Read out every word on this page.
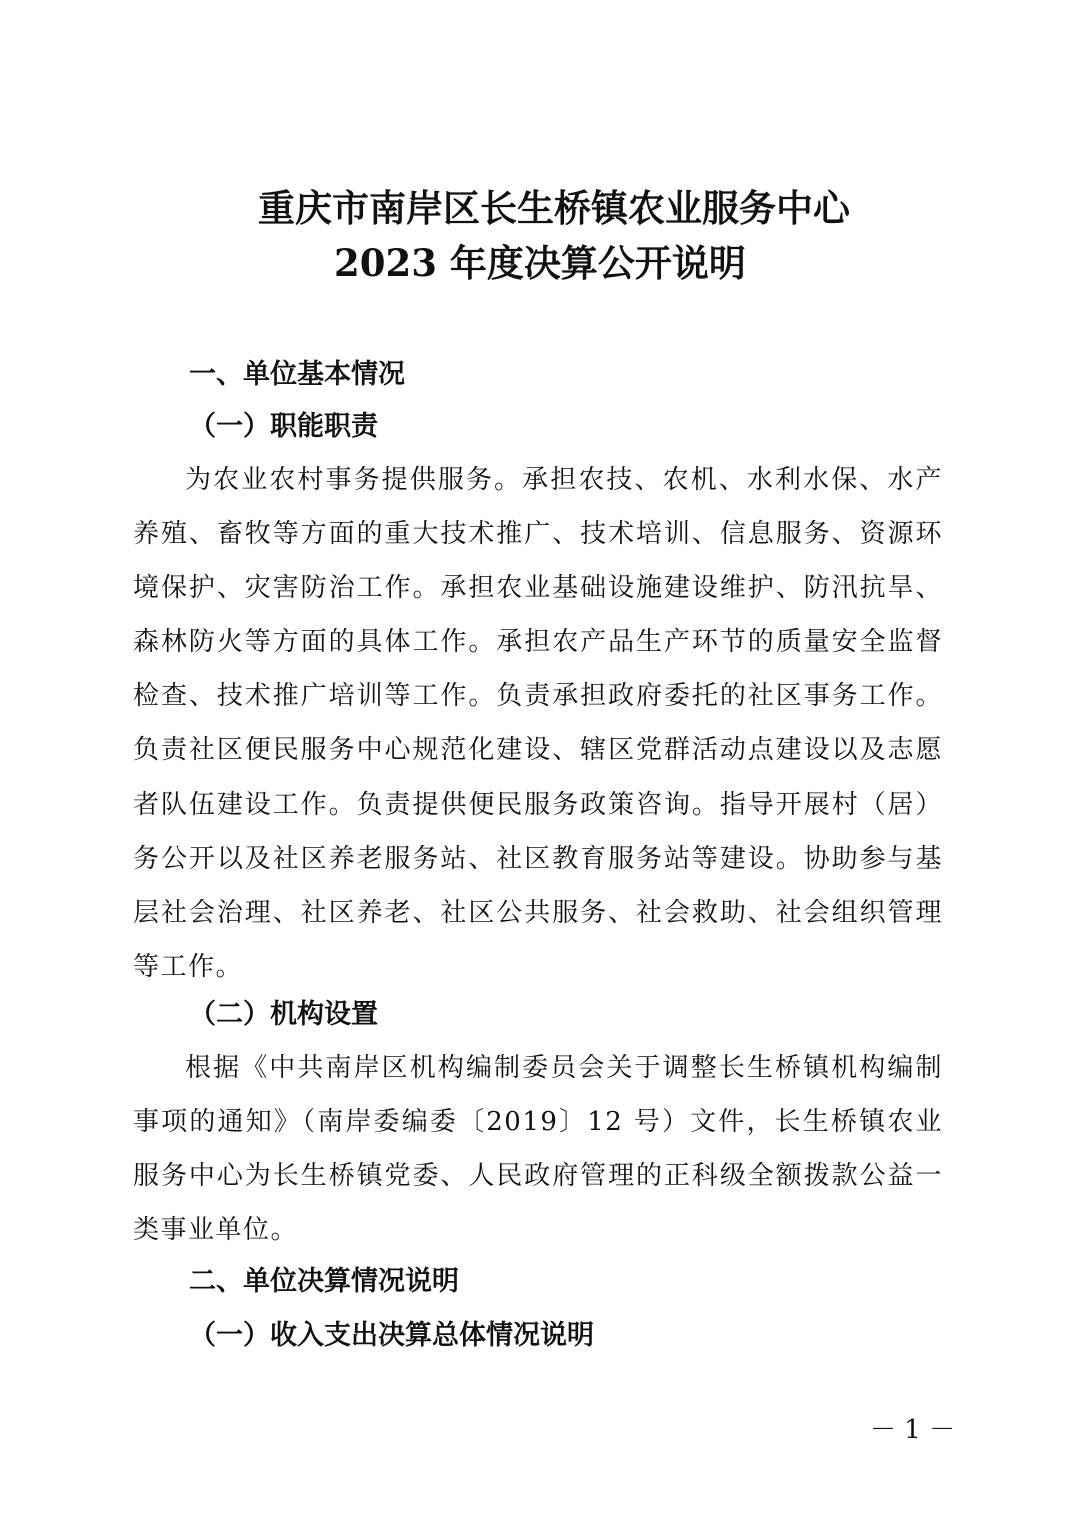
重庆市南岸区长生桥镇农业服务中心
2023 年度决算公开说明
一、单位基本情况
（一）职能职责

为农业农村事务提供服务。承担农技、农机、水利水保、水产养殖、畜牧等方面的重大技术推广、技术培训、信息服务、资源环境保护、灾害防治工作。承担农业基础设施建设维护、防汛抗旱、森林防火等方面的具体工作。承担农产品生产环节的质量安全监督检查、技术推广培训等工作。负责承担政府委托的社区事务工作。负责社区便民服务中心规范化建设、辖区党群活动点建设以及志愿者队伍建设工作。负责提供便民服务政策咨询。指导开展村（居）务公开以及社区养老服务站、社区教育服务站等建设。协助参与基层社会治理、社区养老、社区公共服务、社会救助、社会组织管理等工作。

（二）机构设置

根据《中共南岸区机构编制委员会关于调整长生桥镇机构编制事项的通知》（南岸委编委〔2019〕12 号）文件，长生桥镇农业服务中心为长生桥镇党委、人民政府管理的正科级全额拨款公益一类事业单位。

二、单位决算情况说明
（一）收入支出决算总体情况说明
－ 1 －
